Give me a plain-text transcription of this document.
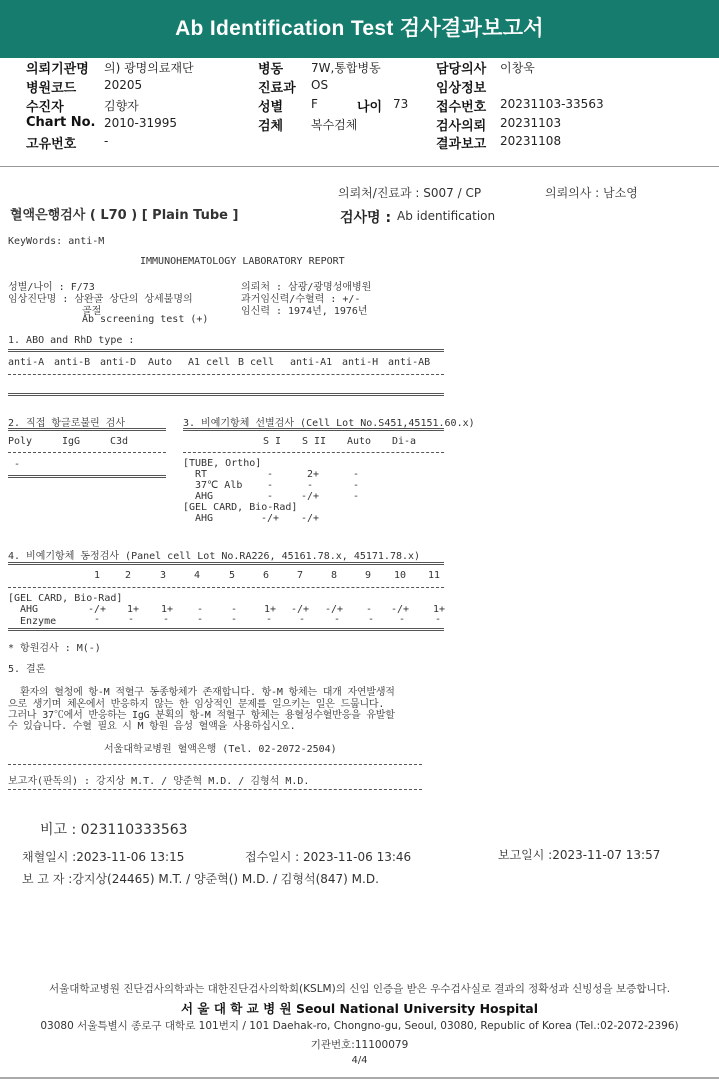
Ab Identification Test 검사결과보고서
의뢰기관명 의) 광명의료재단
병원코드 20205
수진자	김향자
Chart No. 2010-31995
고유번호 -
병동 7W,통합병동
진료과 OS
성별 F	나이 73
검체 복수검체
담당의사 이창욱
임상정보
접수번호 20231103-33563
검사의뢰 20231103
결과보고 20231108
의뢰처/진료과 : S007 / CP	의뢰의사 : 남소영
혈액은행검사 ( L70 ) [ Plain Tube ]	검사명 : Ab identification
KeyWords: anti-M
IMMUNOHEMATOLOGY LABORATORY REPORT
성별/나이 : F/73
임상진단명 : 삼완골 상단의 상세불명의
골절
Ab screening test (+)
의뢰처 : 삼광/광명성애병원
과거임신력/수혈력 : +/-
임신력 : 1974년, 1976년
1. ABO and RhD type :
anti-A anti-B anti-D Auto A1 cell B cell anti-A1 anti-H anti-AB
2. 직접 항글로불린 검사
Poly	IgG	C3d
-
3. 비예기항체 선별검사 (Cell Lot No.S451,45151.60.x)
S I S II Auto Di-a
[TUBE, Ortho]
RT	-	2+	-
37℃ Alb -	-	-
AHG	-	-/+	-
[GEL CARD, Bio-Rad]
AHG	-/+ -/+
4. 비예기항체 동정검사 (Panel cell Lot No.RA226, 45161.78.x, 45171.78.x)
1 2	3	4	5	6	7	8	9 10 11
[GEL CARD, Bio-Rad]
AHG	-/+ 1+ 1+ -	-	1+ -/+ -/+ - -/+ 1+
Enzyme	-	-	-	-	-	-	-	-	- -	-
* 항원검사 : M(-)
5. 결론
환자의 혈청에 항-M 적혈구 동종항체가 존재합니다. 항-M 항체는 대개 자연발생적
으로 생기며 체온에서 반응하지 않는 한 임상적인 문제를 일으키는 일은 드뭅니다.
그러나 37℃에서 반응하는 IgG 분획의 항-M 적혈구 항체는 용혈성수혈반응을 유발할
수 있습니다. 수혈 필요 시 M 항원 음성 혈액을 사용하십시오.
서울대학교병원 혈액은행 (Tel. 02-2072-2504)
보고자(판독의) : 강지상 M.T. / 양준혁 M.D. / 김형석 M.D.
비고 : 023110333563
채혈일시 :2023-11-06 13:15	접수일시 : 2023-11-06 13:46	보고일시 :2023-11-07 13:57
보 고 자 :강지상(24465) M.T. / 양준혁() M.D. / 김형석(847) M.D.
서울대학교병원 진단검사의학과는 대한진단검사의학회(KSLM)의 신임 인증을 받은 우수검사실로 결과의 정확성과 신빙성을 보증합니다.
서 울 대 학 교 병 원 Seoul National University Hospital
03080 서울특별시 종로구 대학로 101번지 / 101 Daehak-ro, Chongno-gu, Seoul, 03080, Republic of Korea (Tel.:02-2072-2396)
기관번호:11100079
4/4
